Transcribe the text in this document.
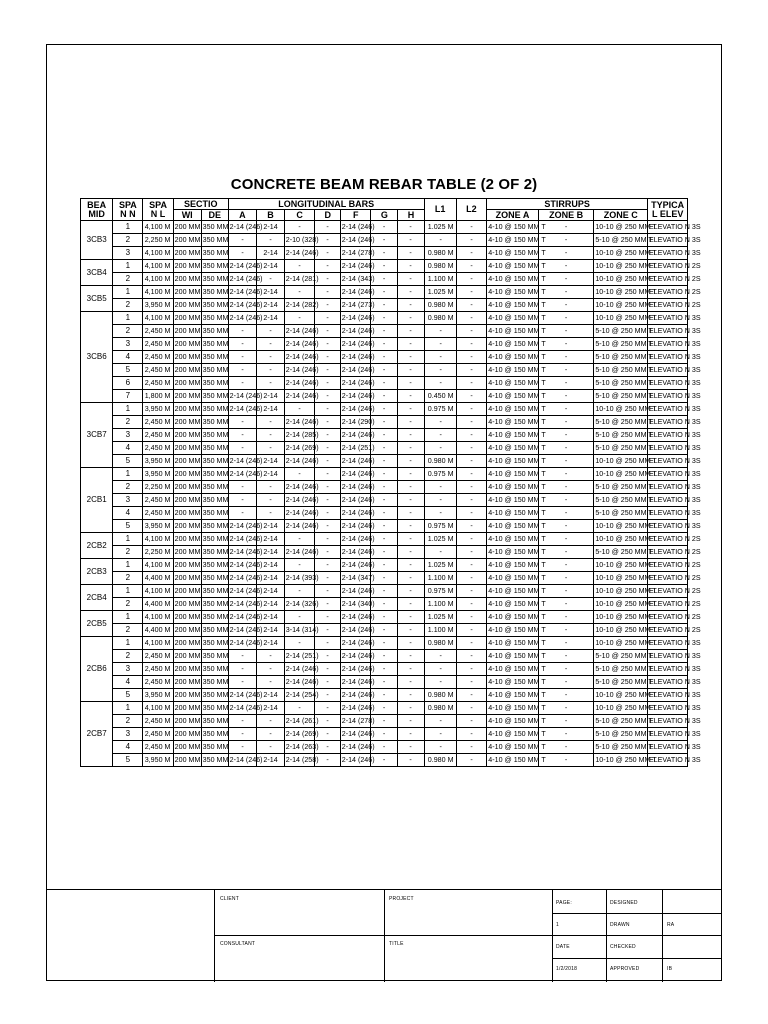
CONCRETE BEAM REBAR TABLE (2 OF 2)
BEA
MID	SPA
N N	SPA
N L	SECTIO		LONGITUDINAL BARS							L1	L2	STIRRUPS			TYPICA
L ELEV
			WI	DE	A	B	C	D	F	G	H			ZONE A	ZONE B	ZONE C	
3CB3	1	4,100 M	200 MM	350 MM	2-14 (246)	2-14	-	-	2-14 (246)	-	-	1.025 M	-	4-10 @ 150 MM T	-	10-10 @ 250 MM T	ELEVATIO N 3S

	2	2,250 M	200 MM	350 MM	-	-	2-10 (328)	-	2-14 (246)	-	-	-	-	4-10 @ 150 MM T	-	5-10 @ 250 MM T	ELEVATIO N 3S

	3	4,100 M	200 MM	350 MM	-	2-14	2-14 (246)	-	2-14 (278)	-	-	0.980 M	-	4-10 @ 150 MM T	-	10-10 @ 250 MM T	ELEVATIO N 3S

3CB4	1	4,100 M	200 MM	350 MM	2-14 (246)	2-14	-	-	2-14 (246)	-	-	0.980 M	-	4-10 @ 150 MM T	-	10-10 @ 250 MM T	ELEVATIO N 2S

	2	4,100 M	200 MM	350 MM	2-14 (246)	-	2-14 (281)	-	2-14 (343)	-	-	1.100 M	-	4-10 @ 150 MM T	-	10-10 @ 250 MM T	ELEVATIO N 2S

3CB5	1	4,100 M	200 MM	350 MM	2-14 (246)	2-14	-	-	2-14 (246)	-	-	1.025 M	-	4-10 @ 150 MM T	-	10-10 @ 250 MM T	ELEVATIO N 2S

	2	3,950 M	200 MM	350 MM	2-14 (246)	2-14	2-14 (282)	-	2-14 (273)	-	-	0.980 M	-	4-10 @ 150 MM T	-	10-10 @ 250 MM T	ELEVATIO N 2S

3CB6	1	4,100 M	200 MM	350 MM	2-14 (246)	2-14	-	-	2-14 (246)	-	-	0.980 M	-	4-10 @ 150 MM T	-	10-10 @ 250 MM T	ELEVATIO N 3S

	2	2,450 M	200 MM	350 MM	-	-	2-14 (246)	-	2-14 (246)	-	-	-	-	4-10 @ 150 MM T	-	5-10 @ 250 MM T	ELEVATIO N 3S

	3	2,450 M	200 MM	350 MM	-	-	2-14 (246)	-	2-14 (246)	-	-	-	-	4-10 @ 150 MM T	-	5-10 @ 250 MM T	ELEVATIO N 3S

	4	2,450 M	200 MM	350 MM	-	-	2-14 (246)	-	2-14 (246)	-	-	-	-	4-10 @ 150 MM T	-	5-10 @ 250 MM T	ELEVATIO N 3S

	5	2,450 M	200 MM	350 MM	-	-	2-14 (246)	-	2-14 (246)	-	-	-	-	4-10 @ 150 MM T	-	5-10 @ 250 MM T	ELEVATIO N 3S

	6	2,450 M	200 MM	350 MM	-	-	2-14 (246)	-	2-14 (246)	-	-	-	-	4-10 @ 150 MM T	-	5-10 @ 250 MM T	ELEVATIO N 3S

	7	1,800 M	200 MM	350 MM	2-14 (246)	2-14	2-14 (246)	-	2-14 (246)	-	-	0.450 M	-	4-10 @ 150 MM T	-	5-10 @ 250 MM T	ELEVATIO N 3S

3CB7	1	3,950 M	200 MM	350 MM	2-14 (246)	2-14	-	-	2-14 (246)	-	-	0.975 M	-	4-10 @ 150 MM T	-	10-10 @ 250 MM T	ELEVATIO N 3S

	2	2,450 M	200 MM	350 MM	-	-	2-14 (246)	-	2-14 (290)	-	-	-	-	4-10 @ 150 MM T	-	5-10 @ 250 MM T	ELEVATIO N 3S

	3	2,450 M	200 MM	350 MM	-	-	2-14 (285)	-	2-14 (246)	-	-	-	-	4-10 @ 150 MM T	-	5-10 @ 250 MM T	ELEVATIO N 3S

	4	2,450 M	200 MM	350 MM	-	-	2-14 (269)	-	2-14 (251)	-	-	-	-	4-10 @ 150 MM T	-	5-10 @ 250 MM T	ELEVATIO N 3S

	5	3,950 M	200 MM	350 MM	2-14 (246)	2-14	2-14 (246)	-	2-14 (246)	-	-	0.980 M	-	4-10 @ 150 MM T	-	10-10 @ 250 MM T	ELEVATIO N 3S

2CB1	1	3,950 M	200 MM	350 MM	2-14 (246)	2-14	-	-	2-14 (246)	-	-	0.975 M	-	4-10 @ 150 MM T	-	10-10 @ 250 MM T	ELEVATIO N 3S

	2	2,250 M	200 MM	350 MM	-	-	2-14 (246)	-	2-14 (246)	-	-	-	-	4-10 @ 150 MM T	-	5-10 @ 250 MM T	ELEVATIO N 3S

	3	2,450 M	200 MM	350 MM	-	-	2-14 (246)	-	2-14 (246)	-	-	-	-	4-10 @ 150 MM T	-	5-10 @ 250 MM T	ELEVATIO N 3S

	4	2,450 M	200 MM	350 MM	-	-	2-14 (246)	-	2-14 (246)	-	-	-	-	4-10 @ 150 MM T	-	5-10 @ 250 MM T	ELEVATIO N 3S

	5	3,950 M	200 MM	350 MM	2-14 (246)	2-14	2-14 (246)	-	2-14 (246)	-	-	0.975 M	-	4-10 @ 150 MM T	-	10-10 @ 250 MM T	ELEVATIO N 3S

2CB2	1	4,100 M	200 MM	350 MM	2-14 (246)	2-14	-	-	2-14 (246)	-	-	1.025 M	-	4-10 @ 150 MM T	-	10-10 @ 250 MM T	ELEVATIO N 2S

	2	2,250 M	200 MM	350 MM	2-14 (246)	2-14	2-14 (246)	-	2-14 (246)	-	-	-	-	4-10 @ 150 MM T	-	5-10 @ 250 MM T	ELEVATIO N 2S

2CB3	1	4,100 M	200 MM	350 MM	2-14 (246)	2-14	-	-	2-14 (246)	-	-	1.025 M	-	4-10 @ 150 MM T	-	10-10 @ 250 MM T	ELEVATIO N 2S

	2	4,400 M	200 MM	350 MM	2-14 (246)	2-14	2-14 (393)	-	2-14 (347)	-	-	1.100 M	-	4-10 @ 150 MM T	-	10-10 @ 250 MM T	ELEVATIO N 2S

2CB4	1	4,100 M	200 MM	350 MM	2-14 (246)	2-14	-	-	2-14 (246)	-	-	0.975 M	-	4-10 @ 150 MM T	-	10-10 @ 250 MM T	ELEVATIO N 2S

	2	4,400 M	200 MM	350 MM	2-14 (246)	2-14	2-14 (326)	-	2-14 (340)	-	-	1.100 M	-	4-10 @ 150 MM T	-	10-10 @ 250 MM T	ELEVATIO N 2S

2CB5	1	4,100 M	200 MM	350 MM	2-14 (246)	2-14	-	-	2-14 (246)	-	-	1.025 M	-	4-10 @ 150 MM T	-	10-10 @ 250 MM T	ELEVATIO N 2S

	2	4,400 M	200 MM	350 MM	2-14 (246)	2-14	3-14 (314)	-	2-14 (246)	-	-	1.100 M	-	4-10 @ 150 MM T	-	10-10 @ 250 MM T	ELEVATIO N 2S

2CB6	1	4,100 M	200 MM	350 MM	2-14 (246)	2-14	-	-	2-14 (246)	-	-	0.980 M	-	4-10 @ 150 MM T	-	10-10 @ 250 MM T	ELEVATIO N 3S

	2	2,450 M	200 MM	350 MM	-	-	2-14 (251)	-	2-14 (246)	-	-	-	-	4-10 @ 150 MM T	-	5-10 @ 250 MM T	ELEVATIO N 3S

	3	2,450 M	200 MM	350 MM	-	-	2-14 (246)	-	2-14 (246)	-	-	-	-	4-10 @ 150 MM T	-	5-10 @ 250 MM T	ELEVATIO N 3S

	4	2,450 M	200 MM	350 MM	-	-	2-14 (246)	-	2-14 (246)	-	-	-	-	4-10 @ 150 MM T	-	5-10 @ 250 MM T	ELEVATIO N 3S

	5	3,950 M	200 MM	350 MM	2-14 (246)	2-14	2-14 (254)	-	2-14 (246)	-	-	0.980 M	-	4-10 @ 150 MM T	-	10-10 @ 250 MM T	ELEVATIO N 3S

2CB7	1	4,100 M	200 MM	350 MM	2-14 (246)	2-14	-	-	2-14 (246)	-	-	0.980 M	-	4-10 @ 150 MM T	-	10-10 @ 250 MM T	ELEVATIO N 3S

	2	2,450 M	200 MM	350 MM	-	-	2-14 (261)	-	2-14 (278)	-	-	-	-	4-10 @ 150 MM T	-	5-10 @ 250 MM T	ELEVATIO N 3S

	3	2,450 M	200 MM	350 MM	-	-	2-14 (269)	-	2-14 (246)	-	-	-	-	4-10 @ 150 MM T	-	5-10 @ 250 MM T	ELEVATIO N 3S

	4	2,450 M	200 MM	350 MM	-	-	2-14 (263)	-	2-14 (246)	-	-	-	-	4-10 @ 150 MM T	-	5-10 @ 250 MM T	ELEVATIO N 3S

	5	3,950 M	200 MM	350 MM	2-14 (246)	2-14	2-14 (258)	-	2-14 (246)	-	-	0.980 M	-	4-10 @ 150 MM T	-	10-10 @ 250 MM T	ELEVATIO N 3S
CLIENT	PROJECT
CONSULTANT	TITLE
PAGE:	DESIGNED
1	DRAWN	RA
DATE	CHECKED
1/2/2018	APPROVED	IB
